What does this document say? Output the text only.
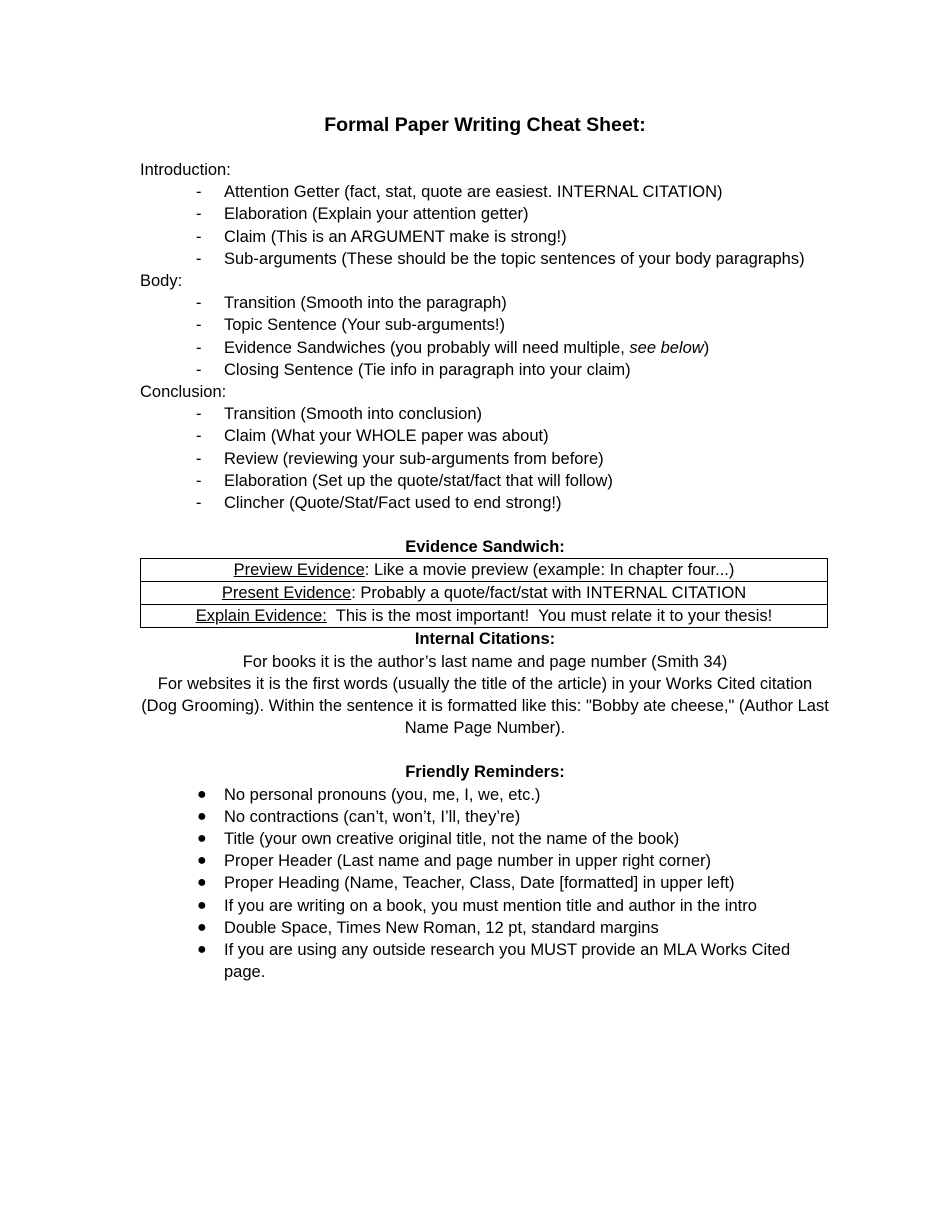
Formal Paper Writing Cheat Sheet:
Introduction:
- Attention Getter (fact, stat, quote are easiest. INTERNAL CITATION)
- Elaboration (Explain your attention getter)
- Claim (This is an ARGUMENT make is strong!)
- Sub-arguments (These should be the topic sentences of your body paragraphs)
Body:
- Transition (Smooth into the paragraph)
- Topic Sentence (Your sub-arguments!)
- Evidence Sandwiches (you probably will need multiple, see below)
- Closing Sentence (Tie info in paragraph into your claim)
Conclusion:
- Transition (Smooth into conclusion)
- Claim (What your WHOLE paper was about)
- Review (reviewing your sub-arguments from before)
- Elaboration (Set up the quote/stat/fact that will follow)
- Clincher (Quote/Stat/Fact used to end strong!)
Evidence Sandwich:
Preview Evidence: Like a movie preview (example: In chapter four...)
Present Evidence: Probably a quote/fact/stat with INTERNAL CITATION
Explain Evidence:  This is the most important!  You must relate it to your thesis!
Internal Citations:
For books it is the author’s last name and page number (Smith 34)
For websites it is the first words (usually the title of the article) in your Works Cited citation (Dog Grooming). Within the sentence it is formatted like this: "Bobby ate cheese," (Author Last Name Page Number).
Friendly Reminders:
● No personal pronouns (you, me, I, we, etc.)
● No contractions (can’t, won’t, I’ll, they’re)
● Title (your own creative original title, not the name of the book)
● Proper Header (Last name and page number in upper right corner)
● Proper Heading (Name, Teacher, Class, Date [formatted] in upper left)
● If you are writing on a book, you must mention title and author in the intro
● Double Space, Times New Roman, 12 pt, standard margins
● If you are using any outside research you MUST provide an MLA Works Cited page.
